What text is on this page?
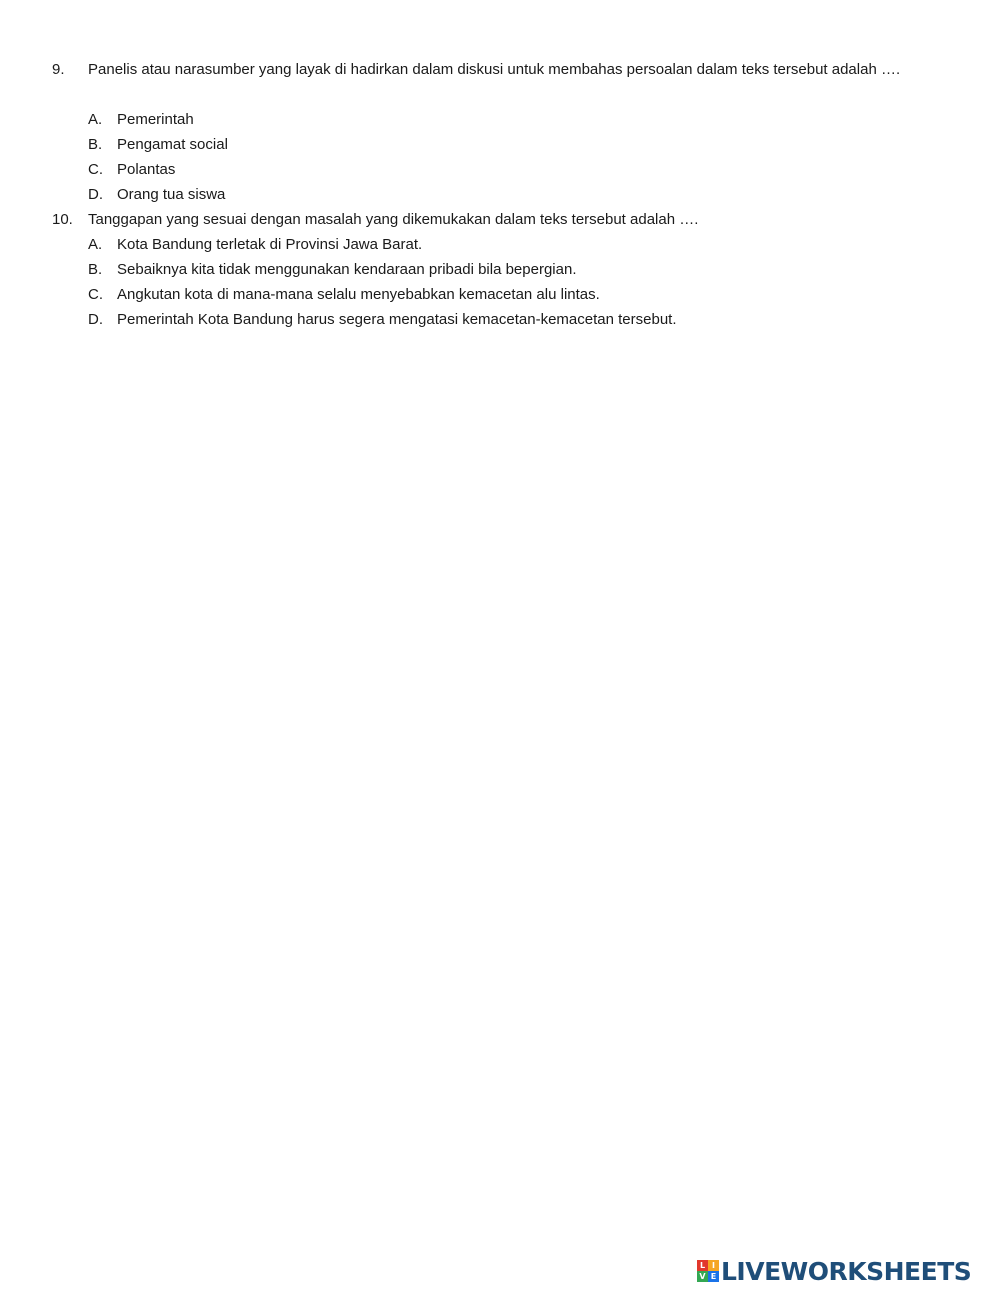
9. Panelis atau narasumber yang layak di hadirkan dalam diskusi untuk membahas persoalan dalam teks tersebut adalah ….
A. Pemerintah
B. Pengamat social
C. Polantas
D. Orang tua siswa
10. Tanggapan yang sesuai dengan masalah yang dikemukakan dalam teks tersebut adalah ….
A. Kota Bandung terletak di Provinsi Jawa Barat.
B. Sebaiknya kita tidak menggunakan kendaraan pribadi bila bepergian.
C. Angkutan kota di mana-mana selalu menyebabkan kemacetan alu lintas.
D. Pemerintah Kota Bandung harus segera mengatasi kemacetan-kemacetan tersebut.
L I
V E LIVEWORKSHEETS
